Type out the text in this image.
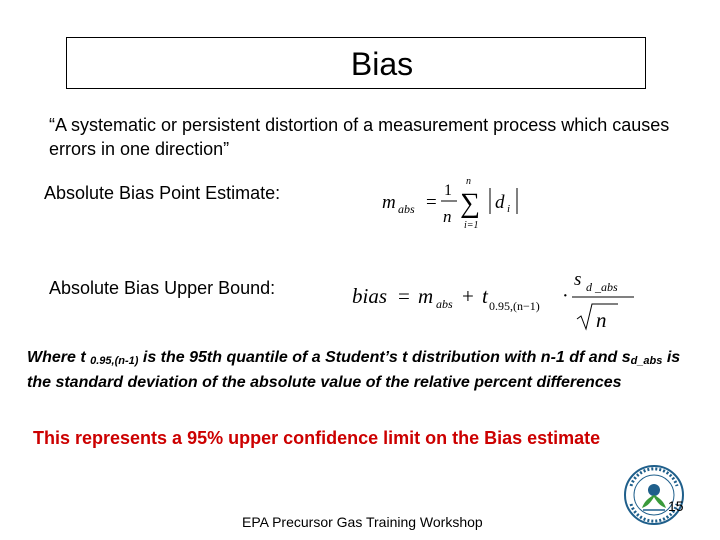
Bias
“A systematic or persistent distortion of a measurement process which causes errors in one direction”
Absolute Bias Point Estimate:	m abs =
1
n
n
∑
i=1
d i
Absolute Bias Upper Bound:	bias = m abs + t 0.95,(n−1) ·
s d _abs
n
Where t $_{0.95,(n-1)}$ is the 95th quantile of a Student’s t distribution with n-1 df and $s_{d\_abs}$ is the standard deviation of the absolute value of the relative percent differences
This represents a 95% upper confidence limit on the Bias estimate
15
EPA Precursor Gas Training Workshop
